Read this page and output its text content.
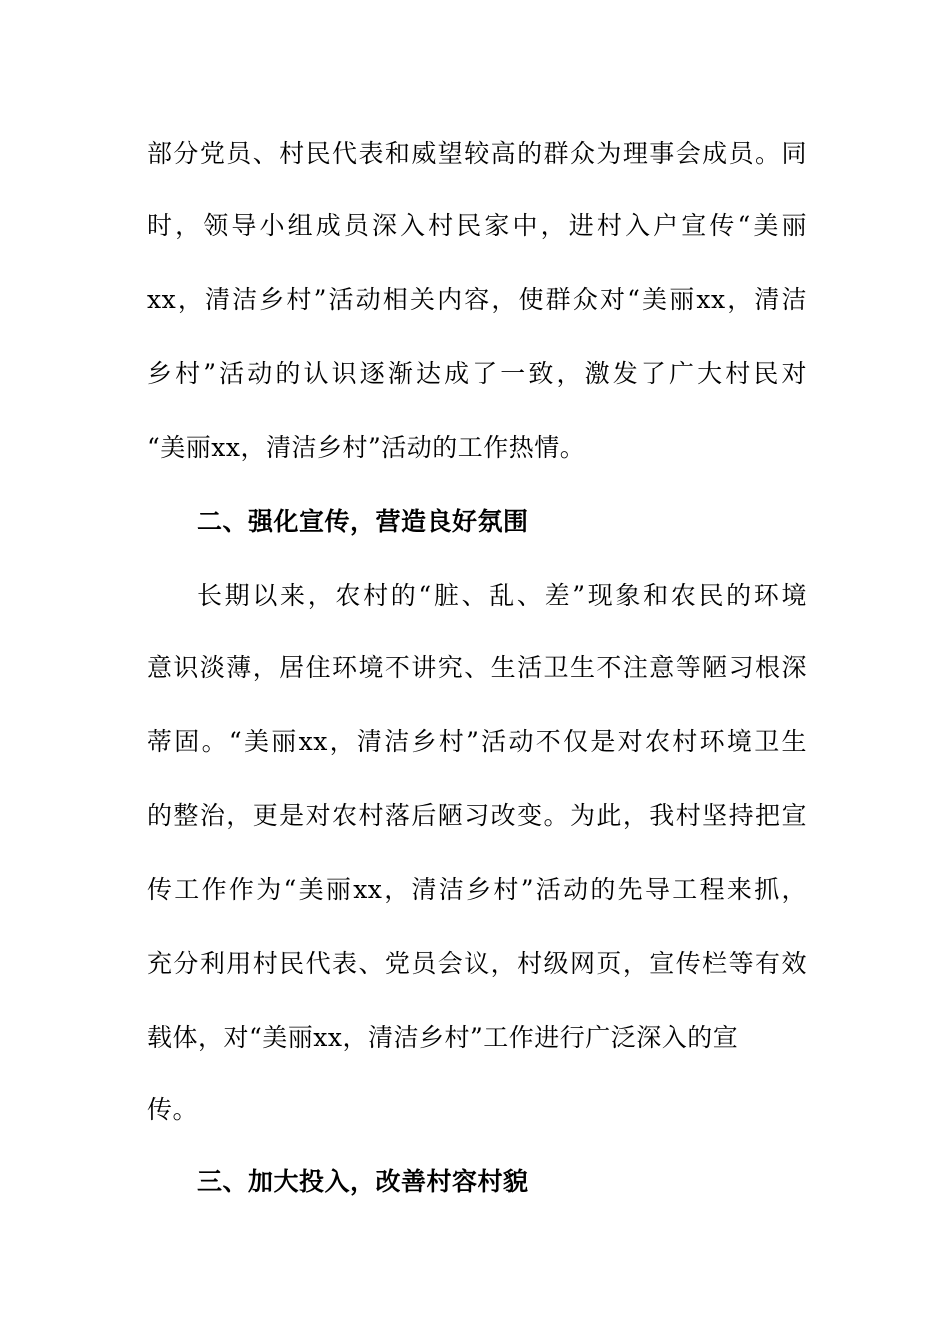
部分党员、村民代表和威望较高的群众为理事会成员。同
时，领导小组成员深入村民家中，进村入户宣传“美丽
xx，清洁乡村”活动相关内容，使群众对“美丽xx，清洁
乡村”活动的认识逐渐达成了一致，激发了广大村民对
“美丽xx，清洁乡村”活动的工作热情。
二、强化宣传，营造良好氛围
长期以来，农村的“脏、乱、差”现象和农民的环境
意识淡薄，居住环境不讲究、生活卫生不注意等陋习根深
蒂固。“美丽xx，清洁乡村”活动不仅是对农村环境卫生
的整治，更是对农村落后陋习改变。为此，我村坚持把宣
传工作作为“美丽xx，清洁乡村”活动的先导工程来抓，
充分利用村民代表、党员会议，村级网页，宣传栏等有效
载体，对“美丽xx，清洁乡村”工作进行广泛深入的宣
传。
三、加大投入，改善村容村貌
